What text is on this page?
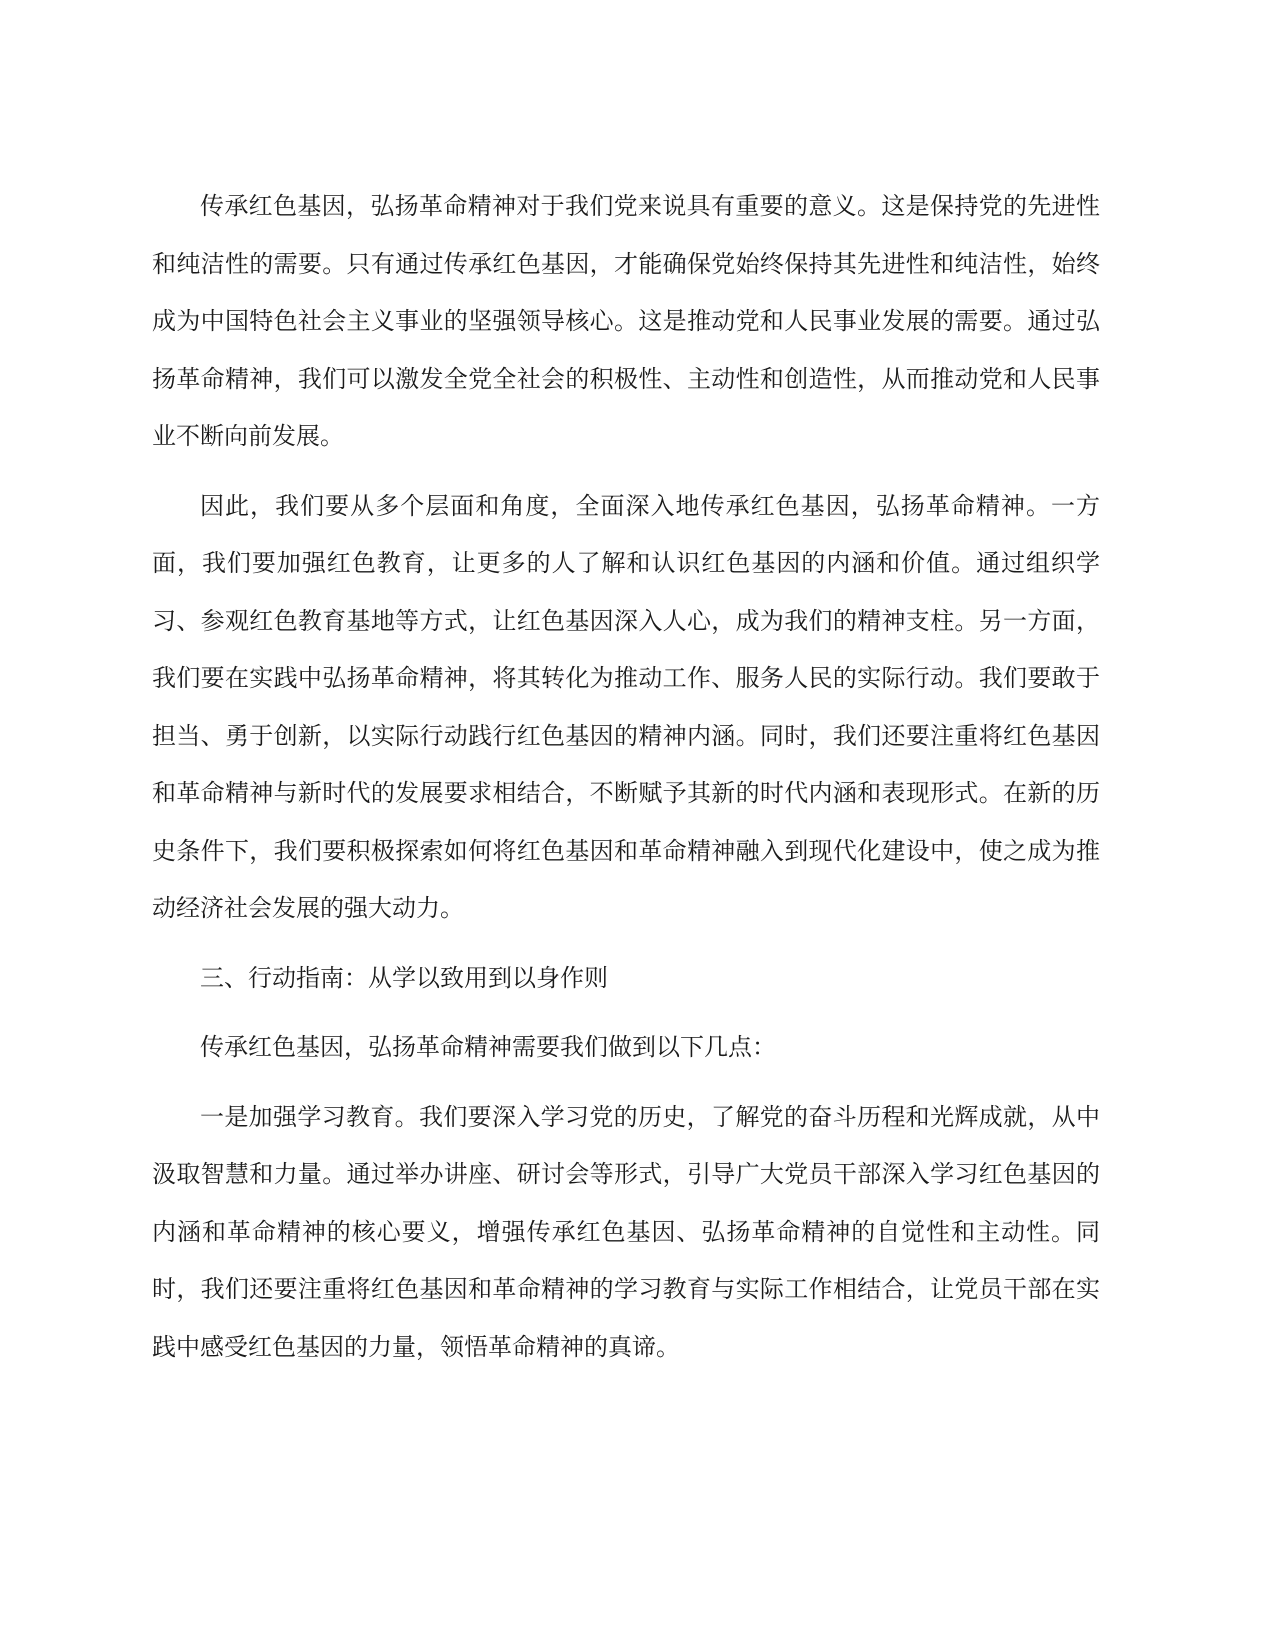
传承红色基因，弘扬革命精神对于我们党来说具有重要的意义。这是保持党的先进性和纯洁性的需要。只有通过传承红色基因，才能确保党始终保持其先进性和纯洁性，始终成为中国特色社会主义事业的坚强领导核心。这是推动党和人民事业发展的需要。通过弘扬革命精神，我们可以激发全党全社会的积极性、主动性和创造性，从而推动党和人民事业不断向前发展。

因此，我们要从多个层面和角度，全面深入地传承红色基因，弘扬革命精神。一方面，我们要加强红色教育，让更多的人了解和认识红色基因的内涵和价值。通过组织学习、参观红色教育基地等方式，让红色基因深入人心，成为我们的精神支柱。另一方面，我们要在实践中弘扬革命精神，将其转化为推动工作、服务人民的实际行动。我们要敢于担当、勇于创新，以实际行动践行红色基因的精神内涵。同时，我们还要注重将红色基因和革命精神与新时代的发展要求相结合，不断赋予其新的时代内涵和表现形式。在新的历史条件下，我们要积极探索如何将红色基因和革命精神融入到现代化建设中，使之成为推动经济社会发展的强大动力。

三、行动指南：从学以致用到以身作则

传承红色基因，弘扬革命精神需要我们做到以下几点：

一是加强学习教育。我们要深入学习党的历史，了解党的奋斗历程和光辉成就，从中汲取智慧和力量。通过举办讲座、研讨会等形式，引导广大党员干部深入学习红色基因的内涵和革命精神的核心要义，增强传承红色基因、弘扬革命精神的自觉性和主动性。同时，我们还要注重将红色基因和革命精神的学习教育与实际工作相结合，让党员干部在实践中感受红色基因的力量，领悟革命精神的真谛。
